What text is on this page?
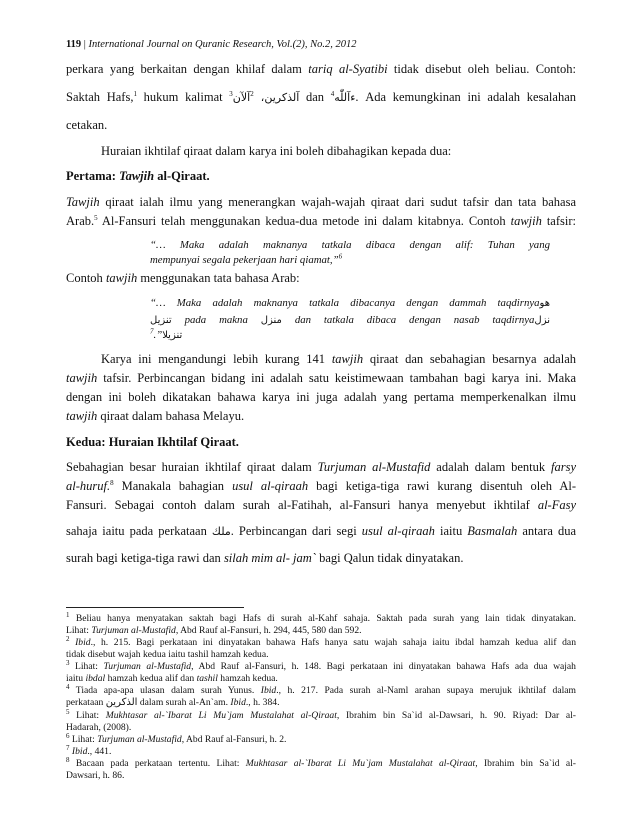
119 | International Journal on Quranic Research, Vol.(2), No.2, 2012
perkara yang berkaitan dengan khilaf dalam tariq al-Syatibi tidak disebut oleh beliau. Contoh:
Saktah Hafs,$^1$ hukum kalimat $^3$	آلذكرين، $^2$آلآن	dan $^4$ءآللّٰه. Ada kemungkinan ini adalah kesalahan
cetakan.
Huraian ikhtilaf qiraat dalam karya ini boleh dibahagikan kepada dua:
Pertama: Tawjih al-Qiraat.
Tawjih qiraat ialah ilmu yang menerangkan wajah-wajah qiraat dari sudut tafsir dan tata bahasa
Arab.$^5$ Al-Fansuri telah menggunakan kedua-dua metode ini dalam kitabnya. Contoh tawjih tafsir:
“… Maka adalah maknanya tatkala dibaca dengan alif: Tuhan yang
mempunyai segala pekerjaan hari qiamat,”$^6$
Contoh tawjih menggunakan tata bahasa Arab:
“… Maka adalah maknanya tatkala dibacanya dengan dammah taqdirnyaهو
تنزيل pada makna منزل dan tatkala dibaca dengan nasab taqdirnyaنزل
تنزيلا”.$^7$
Karya ini mengandungi lebih kurang 141 tawjih qiraat dan sebahagian besarnya adalah
tawjih tafsir. Perbincangan bidang ini adalah satu keistimewaan tambahan bagi karya ini. Maka
dengan ini boleh dikatakan bahawa karya ini juga adalah yang pertama memperkenalkan ilmu
tawjih qiraat dalam bahasa Melayu.
Kedua: Huraian Ikhtilaf Qiraat.
Sebahagian besar huraian ikhtilaf qiraat dalam Turjuman al-Mustafid adalah dalam bentuk farsy
al-huruf.$^8$ Manakala bahagian usul al-qiraah bagi ketiga-tiga rawi kurang disentuh oleh Al-
Fansuri. Sebagai contoh dalam surah al-Fatihah, al-Fansuri hanya menyebut ikhtilaf al-Fasy
sahaja iaitu pada perkataan ملك. Perbincangan dari segi usul al-qiraah iaitu Basmalah antara dua
surah bagi ketiga-tiga rawi dan silah mim al- jam` bagi Qalun tidak dinyatakan.
$^1$ Beliau hanya menyatakan saktah bagi Hafs di surah al-Kahf sahaja. Saktah pada surah yang lain tidak dinyatakan.
Lihat: Turjuman al-Mustafid, Abd Rauf al-Fansuri, h. 294, 445, 580 dan 592.
$^2$ Ibid., h. 215. Bagi perkataan ini dinyatakan bahawa Hafs hanya satu wajah sahaja iaitu ibdal hamzah kedua alif dan
tidak disebut wajah kedua iaitu tashil hamzah kedua.
$^3$ Lihat: Turjuman al-Mustafid, Abd Rauf al-Fansuri, h. 148. Bagi perkataan ini dinyatakan bahawa Hafs ada dua wajah
iaitu ibdal hamzah kedua alif dan tashil hamzah kedua.
$^4$ Tiada apa-apa ulasan dalam surah Yunus. Ibid., h. 217. Pada surah al-Naml arahan supaya merujuk ikhtilaf dalam
perkataan الذكرين dalam surah al-An`am. Ibid., h. 384.
$^5$ Lihat: Mukhtasar al-`Ibarat Li Mu`jam Mustalahat al-Qiraat, Ibrahim bin Sa`id al-Dawsari, h. 90. Riyad: Dar al-
Hadarah, (2008).
$^6$ Lihat: Turjuman al-Mustafid, Abd Rauf al-Fansuri, h. 2.
$^7$ Ibid., 441.
$^8$ Bacaan pada perkataan tertentu. Lihat: Mukhtasar al-`Ibarat Li Mu`jam Mustalahat al-Qiraat, Ibrahim bin Sa`id al-
Dawsari, h. 86.
